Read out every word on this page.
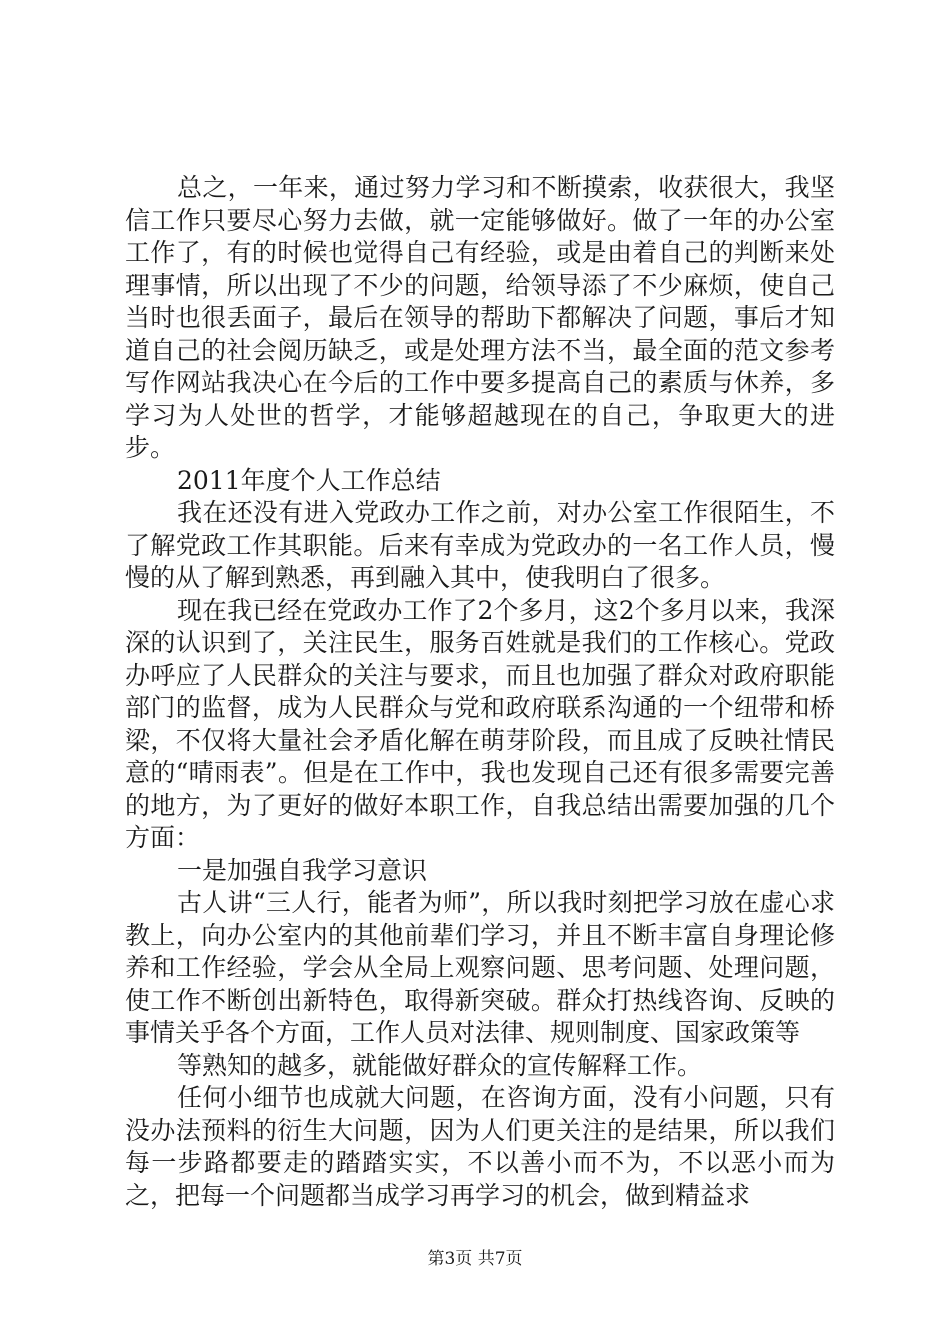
总之，一年来，通过努力学习和不断摸索，收获很大，我坚信工作只要尽心努力去做，就一定能够做好。做了一年的办公室工作了，有的时候也觉得自己有经验，或是由着自己的判断来处理事情，所以出现了不少的问题，给领导添了不少麻烦，使自己当时也很丢面子，最后在领导的帮助下都解决了问题，事后才知道自己的社会阅历缺乏，或是处理方法不当，最全面的范文参考写作网站我决心在今后的工作中要多提高自己的素质与休养，多学习为人处世的哲学，才能够超越现在的自己，争取更大的进步。

2011年度个人工作总结

我在还没有进入党政办工作之前，对办公室工作很陌生，不了解党政工作其职能。后来有幸成为党政办的一名工作人员，慢慢的从了解到熟悉，再到融入其中，使我明白了很多。

现在我已经在党政办工作了2个多月，这2个多月以来，我深深的认识到了，关注民生，服务百姓就是我们的工作核心。党政办呼应了人民群众的关注与要求，而且也加强了群众对政府职能部门的监督，成为人民群众与党和政府联系沟通的一个纽带和桥梁，不仅将大量社会矛盾化解在萌芽阶段，而且成了反映社情民意的“晴雨表”。但是在工作中，我也发现自己还有很多需要完善的地方，为了更好的做好本职工作，自我总结出需要加强的几个方面：

一是加强自我学习意识

古人讲“三人行，能者为师”，所以我时刻把学习放在虚心求教上，向办公室内的其他前辈们学习，并且不断丰富自身理论修养和工作经验，学会从全局上观察问题、思考问题、处理问题，使工作不断创出新特色，取得新突破。群众打热线咨询、反映的事情关乎各个方面，工作人员对法律、规则制度、国家政策等

等熟知的越多，就能做好群众的宣传解释工作。

任何小细节也成就大问题，在咨询方面，没有小问题，只有没办法预料的衍生大问题，因为人们更关注的是结果，所以我们每一步路都要走的踏踏实实，不以善小而不为，不以恶小而为之，把每一个问题都当成学习再学习的机会，做到精益求

第3页 共7页
